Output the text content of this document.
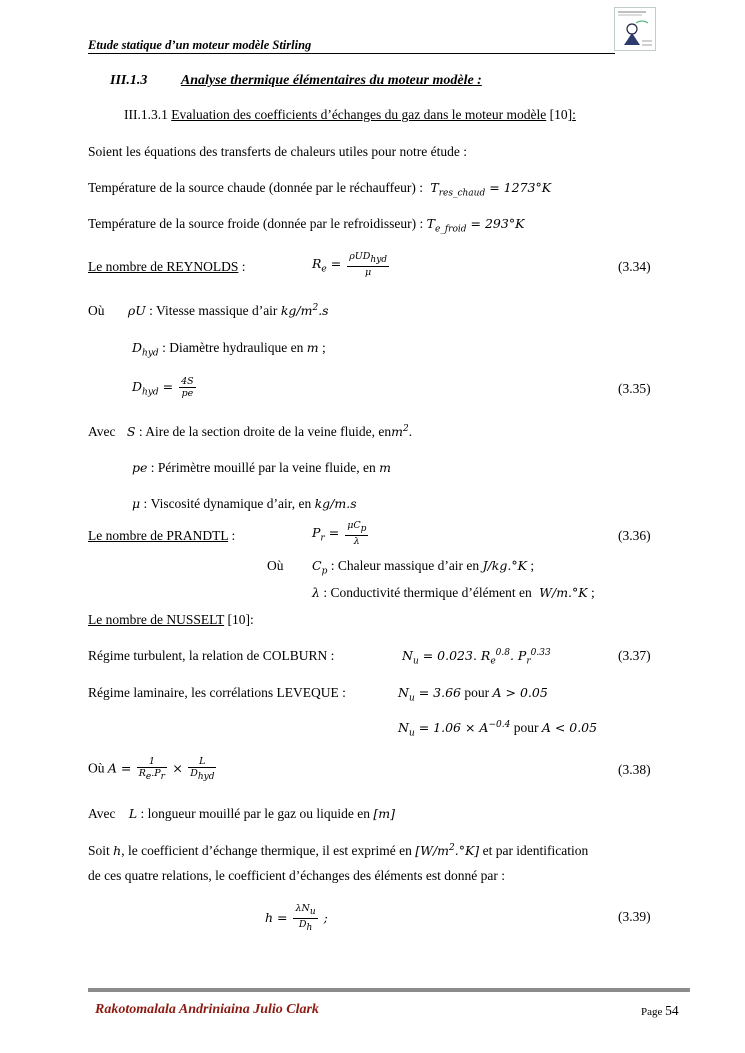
Etude statique d’un moteur modèle Stirling
III.1.3 Analyse thermique élémentaires du moteur modèle :
III.1.3.1 Evaluation des coefficients d’échanges du gaz dans le moteur modèle [10]:
Soient les équations des transferts de chaleurs utiles pour notre étude :
Température de la source chaude (donnée par le réchauffeur) : $T_{res\_chaud} = 1273^\circ K$
Température de la source froide (donnée par le refroidisseur) : $T_{e\_froid} = 293^\circ K$
Le nombre de REYNOLDS :	$R_e = \frac{\rho UD_{hyd}}{\mu}$	(3.34)
Où ρU : Vitesse massique d’air $kg/m^2.s$
$D_{hyd}$ : Diamètre hydraulique en m ;
$D_{hyd} = \frac{4S}{pe}$	(3.35)
Avec S : Aire de la section droite de la veine fluide, enm$^2$.
pe : Périmètre mouillé par la veine fluide, en m
μ : Viscosité dynamique d’air, en kg/m.s
Le nombre de PRANDTL :	$P_r = \frac{\mu C_p}{\lambda}$	(3.36)
Où $C_p$ : Chaleur massique d’air en J/kg.°K ;
λ : Conductivité thermique d’élément en W/m.°K ;
Le nombre de NUSSELT [10]:
Régime turbulent, la relation de COLBURN :	$N_u = 0.023$. $R_e^{0.8}$. $P_r^{0.33}$	(3.37)
Régime laminaire, les corrélations LEVEQUE :	$N_u = 3.66$ pour A > 0.05
$N_u = 1.06 \times A^{-0.4}$ pour A < 0.05
Où $A = \frac{1}{R_e.P_r} \times \frac{L}{D_{hyd}}$	(3.38)
Avec L : longueur mouillé par le gaz ou liquide en [m]
Soit h, le coefficient d’échange thermique, il est exprimé en $[W/m^2.^\circ K]$ et par identification
de ces quatre relations, le coefficient d’échanges des éléments est donné par :
$h = \frac{\lambda N_u}{D_h}$ ;	(3.39)
Rakotomalala Andriniaina Julio Clark	Page 54
